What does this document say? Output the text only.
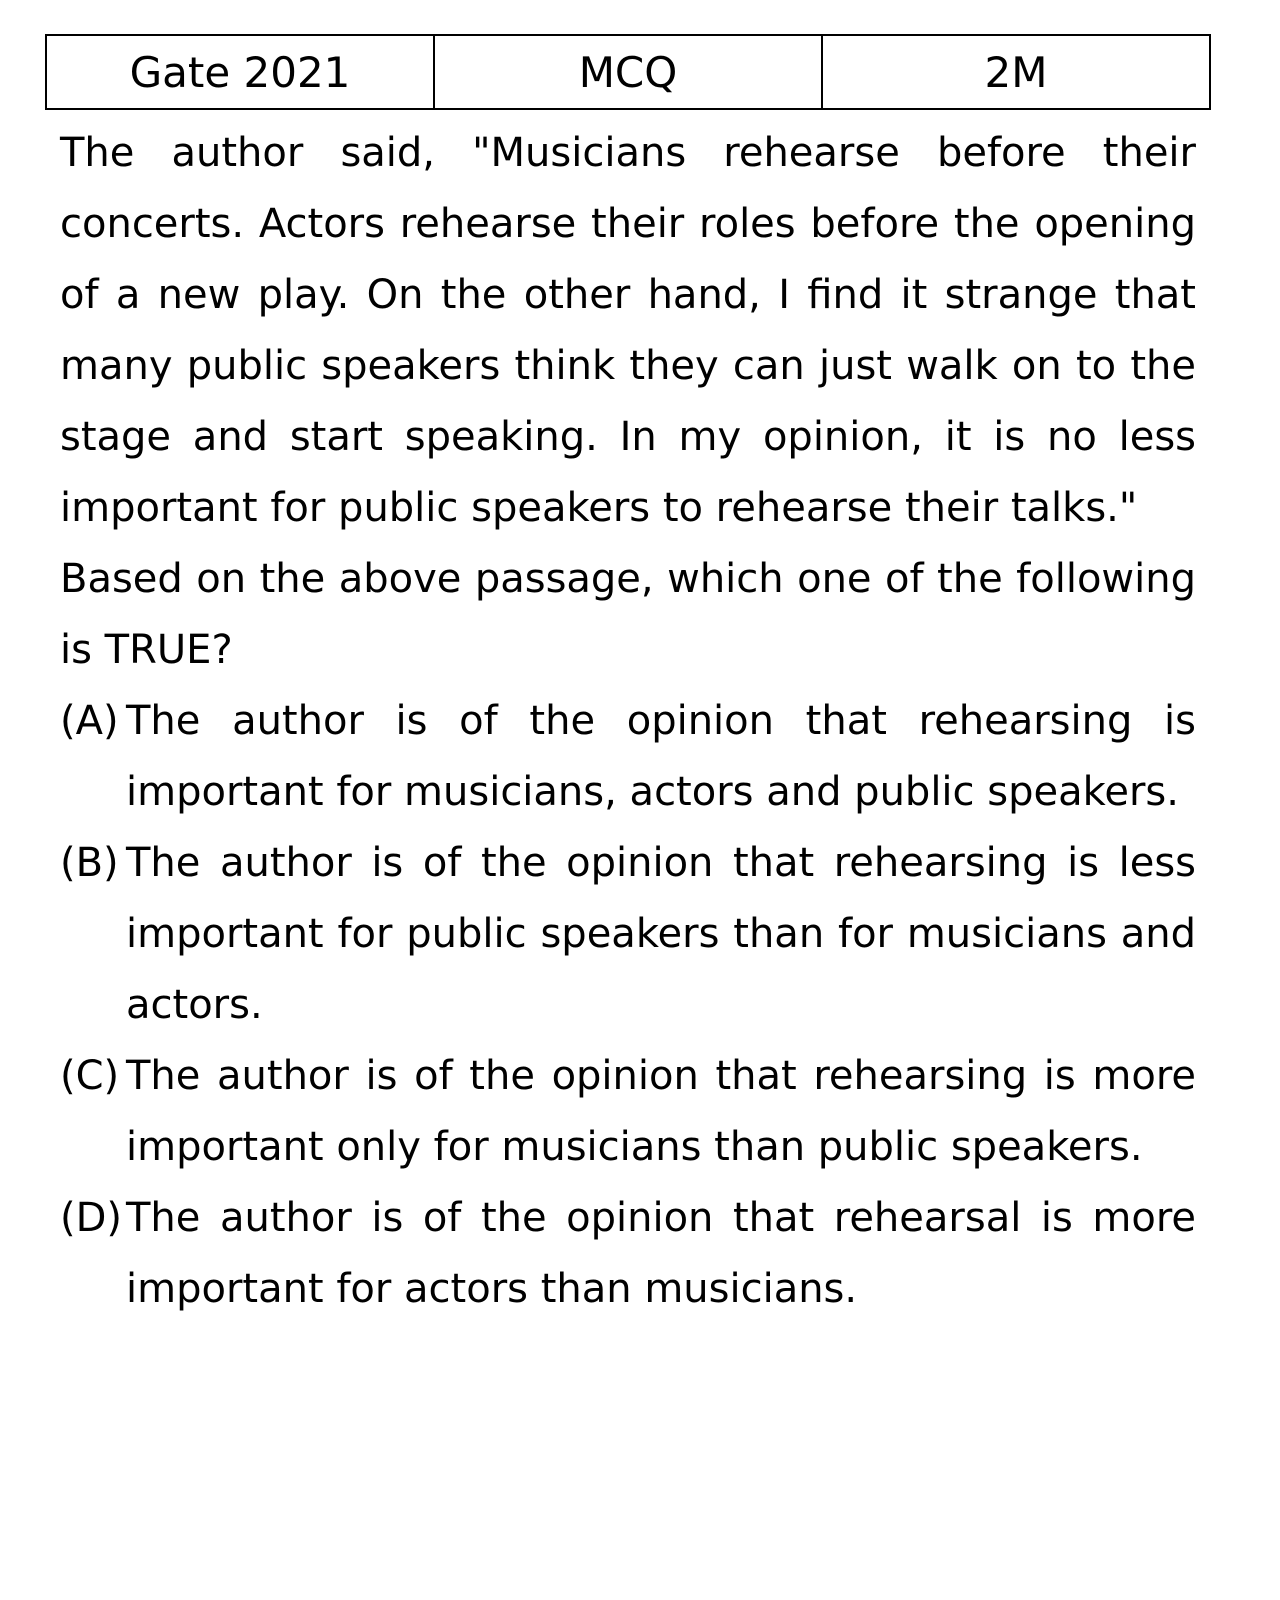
Gate 2021	MCQ	2M

The author said, "Musicians rehearse before their concerts. Actors rehearse their roles before the opening of a new play. On the other hand, I find it strange that many public speakers think they can just walk on to the stage and start speaking. In my opinion, it is no less important for public speakers to rehearse their talks."

Based on the above passage, which one of the following is TRUE?

(A) The author is of the opinion that rehearsing is important for musicians, actors and public speakers.
(B) The author is of the opinion that rehearsing is less important for public speakers than for musicians and actors.
(C) The author is of the opinion that rehearsing is more important only for musicians than public speakers.
(D) The author is of the opinion that rehearsal is more important for actors than musicians.
